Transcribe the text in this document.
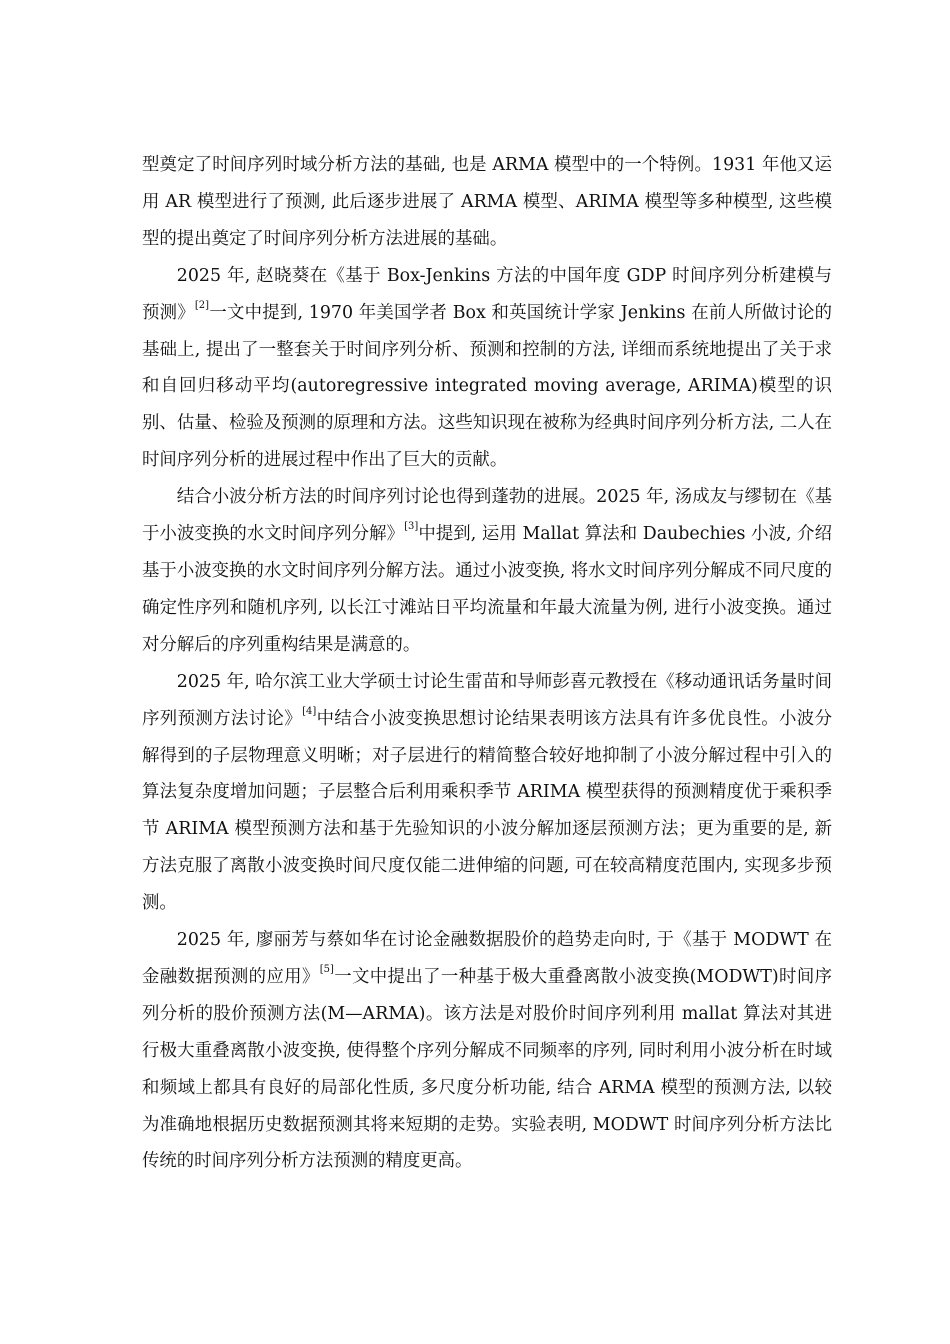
型奠定了时间序列时域分析方法的基础, 也是 ARMA 模型中的一个特例。1931 年他又运用 AR 模型进行了预测, 此后逐步进展了 ARMA 模型、ARIMA 模型等多种模型, 这些模型的提出奠定了时间序列分析方法进展的基础。

2025 年, 赵晓葵在《基于 Box-Jenkins 方法的中国年度 GDP 时间序列分析建模与预测》[2]一文中提到, 1970 年美国学者 Box 和英国统计学家 Jenkins 在前人所做讨论的基础上, 提出了一整套关于时间序列分析、预测和控制的方法, 详细而系统地提出了关于求和自回归移动平均(autoregressive integrated moving average, ARIMA)模型的识别、估量、检验及预测的原理和方法。这些知识现在被称为经典时间序列分析方法, 二人在时间序列分析的进展过程中作出了巨大的贡献。

结合小波分析方法的时间序列讨论也得到蓬勃的进展。2025 年, 汤成友与缪韧在《基于小波变换的水文时间序列分解》[3]中提到, 运用 Mallat 算法和 Daubechies 小波, 介绍基于小波变换的水文时间序列分解方法。通过小波变换, 将水文时间序列分解成不同尺度的确定性序列和随机序列, 以长江寸滩站日平均流量和年最大流量为例, 进行小波变换。通过对分解后的序列重构结果是满意的。

2025 年, 哈尔滨工业大学硕士讨论生雷苗和导师彭喜元教授在《移动通讯话务量时间序列预测方法讨论》[4]中结合小波变换思想讨论结果表明该方法具有许多优良性。小波分解得到的子层物理意义明晰；对子层进行的精简整合较好地抑制了小波分解过程中引入的算法复杂度增加问题；子层整合后利用乘积季节 ARIMA 模型获得的预测精度优于乘积季节 ARIMA 模型预测方法和基于先验知识的小波分解加逐层预测方法；更为重要的是, 新方法克服了离散小波变换时间尺度仅能二进伸缩的问题, 可在较高精度范围内, 实现多步预测。

2025 年, 廖丽芳与蔡如华在讨论金融数据股价的趋势走向时, 于《基于 MODWT 在金融数据预测的应用》[5]一文中提出了一种基于极大重叠离散小波变换(MODWT)时间序列分析的股价预测方法(M—ARMA)。该方法是对股价时间序列利用 mallat 算法对其进行极大重叠离散小波变换, 使得整个序列分解成不同频率的序列, 同时利用小波分析在时域和频域上都具有良好的局部化性质, 多尺度分析功能, 结合 ARMA 模型的预测方法, 以较为准确地根据历史数据预测其将来短期的走势。实验表明, MODWT 时间序列分析方法比传统的时间序列分析方法预测的精度更高。
